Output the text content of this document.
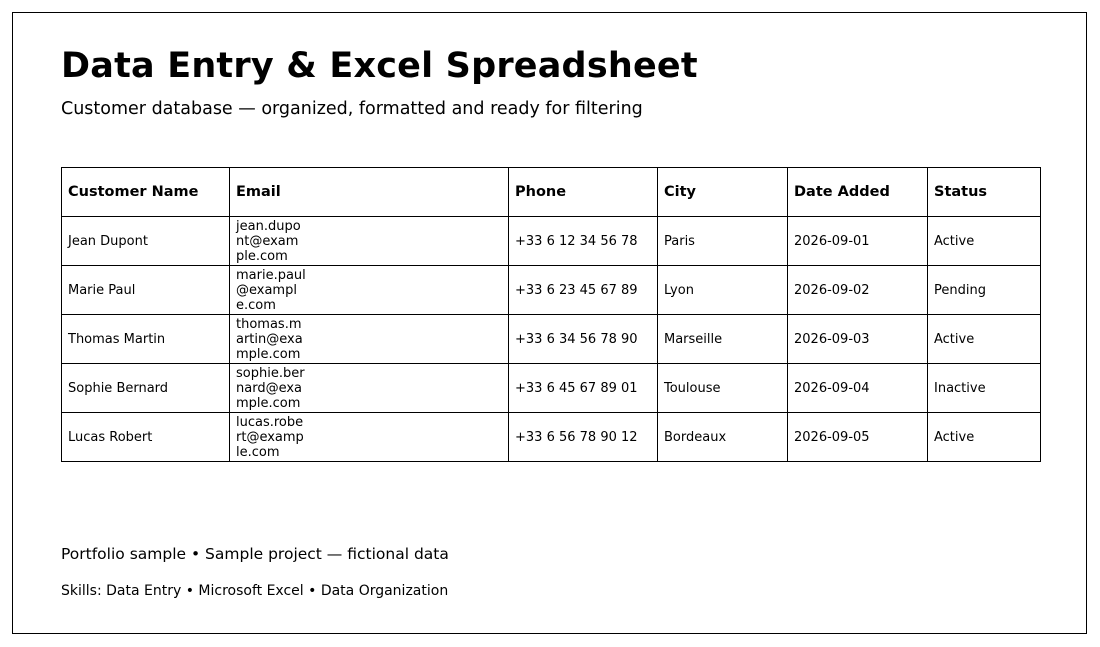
Data Entry & Excel Spreadsheet

Customer database — organized, formatted and ready for filtering

Customer Name	Email	Phone	City	Date Added	Status
Jean Dupont	jean.dupont@example.com	+33 6 12 34 56 78	Paris	2026-09-01	Active
Marie Paul	marie.paul@example.com	+33 6 23 45 67 89	Lyon	2026-09-02	Pending
Thomas Martin	thomas.martin@example.com	+33 6 34 56 78 90	Marseille	2026-09-03	Active
Sophie Bernard	sophie.bernard@example.com	+33 6 45 67 89 01	Toulouse	2026-09-04	Inactive
Lucas Robert	lucas.robert@example.com	+33 6 56 78 90 12	Bordeaux	2026-09-05	Active

Portfolio sample • Sample project — fictional data

Skills: Data Entry • Microsoft Excel • Data Organization
